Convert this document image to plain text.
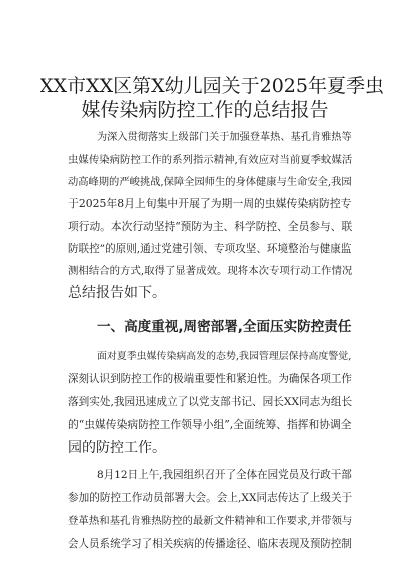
XX市XX区第X幼儿园关于2025年夏季虫
媒传染病防控工作的总结报告

为深入贯彻落实上级部门关于加强登革热、基孔肯雅热等

虫媒传染病防控工作的系列指示精神,有效应对当前夏季蚊媒活

动高峰期的严峻挑战,保障全园师生的身体健康与生命安全,我园

于2025年8月上旬集中开展了为期一周的虫媒传染病防控专

项行动。本次行动坚持“预防为主、科学防控、全员参与、联

防联控”的原则,通过党建引领、专项攻坚、环境整治与健康监

测相结合的方式,取得了显著成效。现将本次专项行动工作情况

总结报告如下。

一、高度重视,周密部署,全面压实防控责任

面对夏季虫媒传染病高发的态势,我园管理层保持高度警觉,

深刻认识到防控工作的极端重要性和紧迫性。为确保各项工作

落到实处,我园迅速成立了以党支部书记、园长XX同志为组长

的“虫媒传染病防控工作领导小组”,全面统筹、指挥和协调全

园的防控工作。

8月12日上午,我园组织召开了全体在园党员及行政干部

参加的防控工作动员部署大会。会上,XX同志传达了上级关于

登革热和基孔肯雅热防控的最新文件精神和工作要求,并带领与

会人员系统学习了相关疾病的传播途径、临床表现及预防控制
